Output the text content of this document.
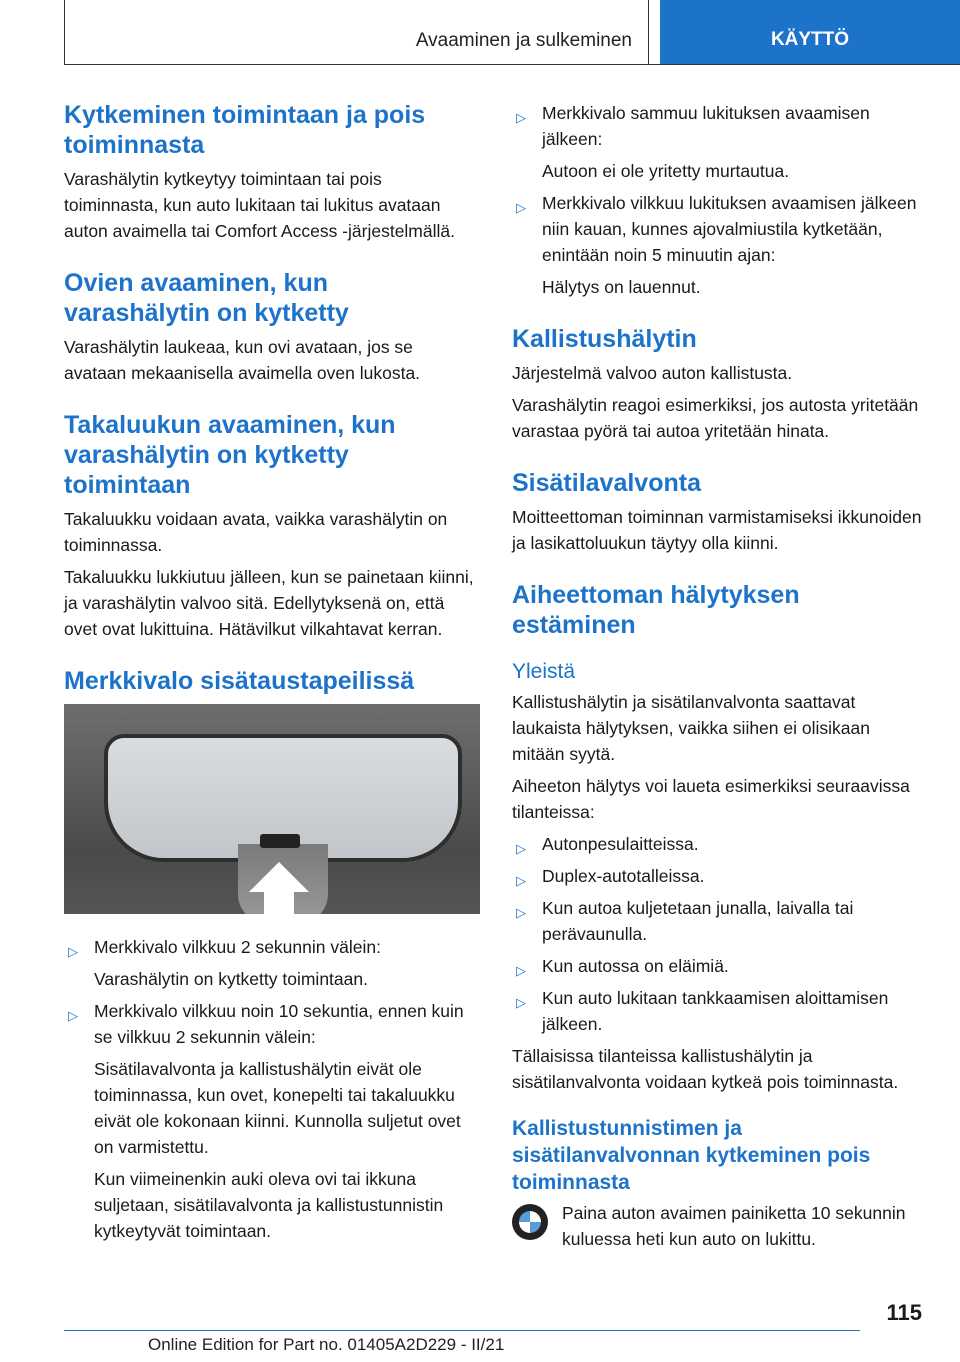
Avaaminen ja sulkeminen	KÄYTTÖ
Kytkeminen toimintaan ja pois toiminnasta

Varashälytin kytkeytyy toimintaan tai pois toiminnasta, kun auto lukitaan tai lukitus avataan auton avaimella tai Comfort Access -järjestelmällä.

Ovien avaaminen, kun varashälytin on kytketty

Varashälytin laukeaa, kun ovi avataan, jos se avataan mekaanisella avaimella oven lukosta.

Takaluukun avaaminen, kun varashälytin on kytketty toimintaan

Takaluukku voidaan avata, vaikka varashälytin on toiminnassa.

Takaluukku lukkiutuu jälleen, kun se painetaan kiinni, ja varashälytin valvoo sitä. Edellytyksenä on, että ovet ovat lukittuina. Hätävilkut vilkahtavat kerran.

Merkkivalo sisätaustapeilissä
▷ Merkkivalo vilkkuu 2 sekunnin välein:
Varashälytin on kytketty toimintaan.
▷ Merkkivalo vilkkuu noin 10 sekuntia, ennen kuin se vilkkuu 2 sekunnin välein:
Sisätilavalvonta ja kallistushälytin eivät ole toiminnassa, kun ovet, konepelti tai takaluukku eivät ole kokonaan kiinni. Kunnolla suljetut ovet on varmistettu.
Kun viimeinenkin auki oleva ovi tai ikkuna suljetaan, sisätilavalvonta ja kallistustunnistin kytkeytyvät toimintaan.
▷ Merkkivalo sammuu lukituksen avaamisen jälkeen:
Autoon ei ole yritetty murtautua.
▷ Merkkivalo vilkkuu lukituksen avaamisen jälkeen niin kauan, kunnes ajovalmiustila kytketään, enintään noin 5 minuutin ajan:
Hälytys on lauennut.
Kallistushälytin

Järjestelmä valvoo auton kallistusta.

Varashälytin reagoi esimerkiksi, jos autosta yritetään varastaa pyörä tai autoa yritetään hinata.

Sisätilavalvonta

Moitteettoman toiminnan varmistamiseksi ikkunoiden ja lasikattoluukun täytyy olla kiinni.

Aiheettoman hälytyksen estäminen
Yleistä

Kallistushälytin ja sisätilanvalvonta saattavat laukaista hälytyksen, vaikka siihen ei olisikaan mitään syytä.

Aiheeton hälytys voi laueta esimerkiksi seuraavissa tilanteissa:

▷ Autonpesulaitteissa.
▷ Duplex-autotalleissa.
▷ Kun autoa kuljetetaan junalla, laivalla tai perävaunulla.
▷ Kun autossa on eläimiä.
▷ Kun auto lukitaan tankkaamisen aloittamisen jälkeen.

Tällaisissa tilanteissa kallistushälytin ja sisätilanvalvonta voidaan kytkeä pois toiminnasta.

Kallistustunnistimen ja sisätilanvalvonnan kytkeminen pois toiminnasta

Paina auton avaimen painiketta 10 sekunnin kuluessa heti kun auto on lukittu.

115
Online Edition for Part no. 01405A2D229 - II/21
